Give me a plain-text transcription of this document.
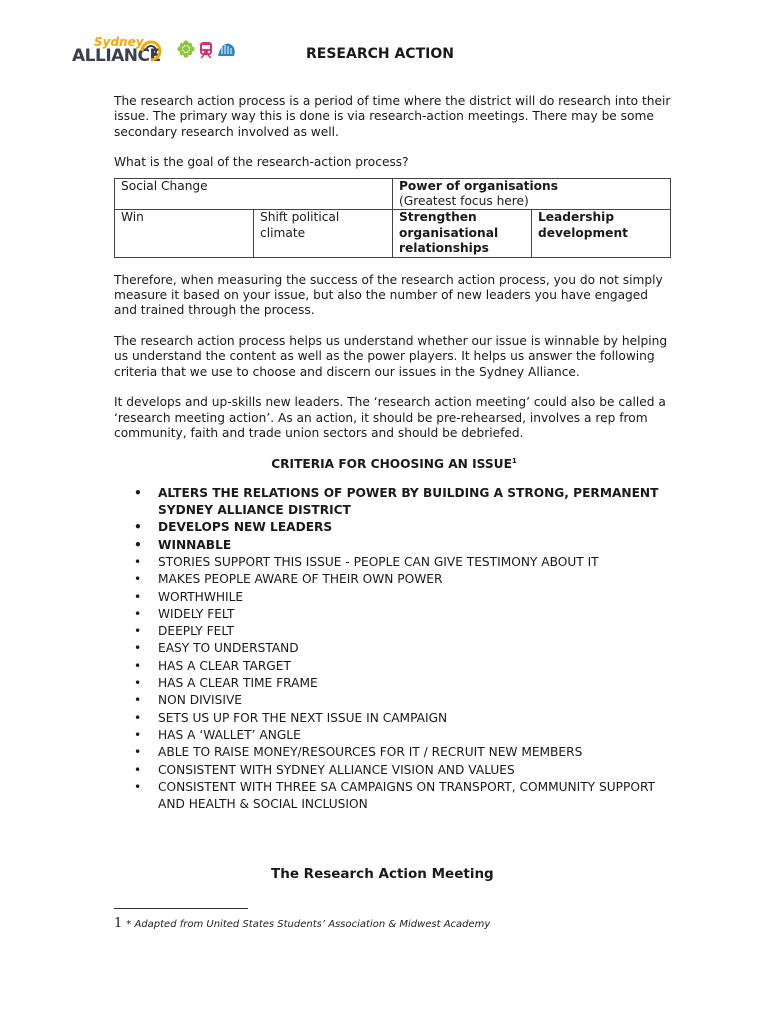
Sydney
ALLIANCE	RESEARCH ACTION

The research action process is a period of time where the district will do research into their issue. The primary way this is done is via research-action meetings. There may be some secondary research involved as well.

What is the goal of the research-action process?

Social Change		Power of organisations
(Greatest focus here)	

Win	Shift political climate	Strengthen organisational relationships	Leadership development

Therefore, when measuring the success of the research action process, you do not simply measure it based on your issue, but also the number of new leaders you have engaged and trained through the process.

The research action process helps us understand whether our issue is winnable by helping us understand the content as well as the power players. It helps us answer the following criteria that we use to choose and discern our issues in the Sydney Alliance.

It develops and up-skills new leaders. The ‘research action meeting’ could also be called a ‘research meeting action’. As an action, it should be pre-rehearsed, involves a rep from community, faith and trade union sectors and should be debriefed.

CRITERIA FOR CHOOSING AN ISSUE$^1$
• ALTERS THE RELATIONS OF POWER BY BUILDING A STRONG, PERMANENT SYDNEY ALLIANCE DISTRICT
• DEVELOPS NEW LEADERS
• WINNABLE
• STORIES SUPPORT THIS ISSUE - PEOPLE CAN GIVE TESTIMONY ABOUT IT
• MAKES PEOPLE AWARE OF THEIR OWN POWER
• WORTHWHILE
• WIDELY FELT
• DEEPLY FELT
• EASY TO UNDERSTAND
• HAS A CLEAR TARGET
• HAS A CLEAR TIME FRAME
• NON DIVISIVE
• SETS US UP FOR THE NEXT ISSUE IN CAMPAIGN
• HAS A ‘WALLET’ ANGLE
• ABLE TO RAISE MONEY/RESOURCES FOR IT / RECRUIT NEW MEMBERS
• CONSISTENT WITH SYDNEY ALLIANCE VISION AND VALUES
• CONSISTENT WITH THREE SA CAMPAIGNS ON TRANSPORT, COMMUNITY SUPPORT AND HEALTH & SOCIAL INCLUSION
The Research Action Meeting
1 * Adapted from United States Students’ Association & Midwest Academy
